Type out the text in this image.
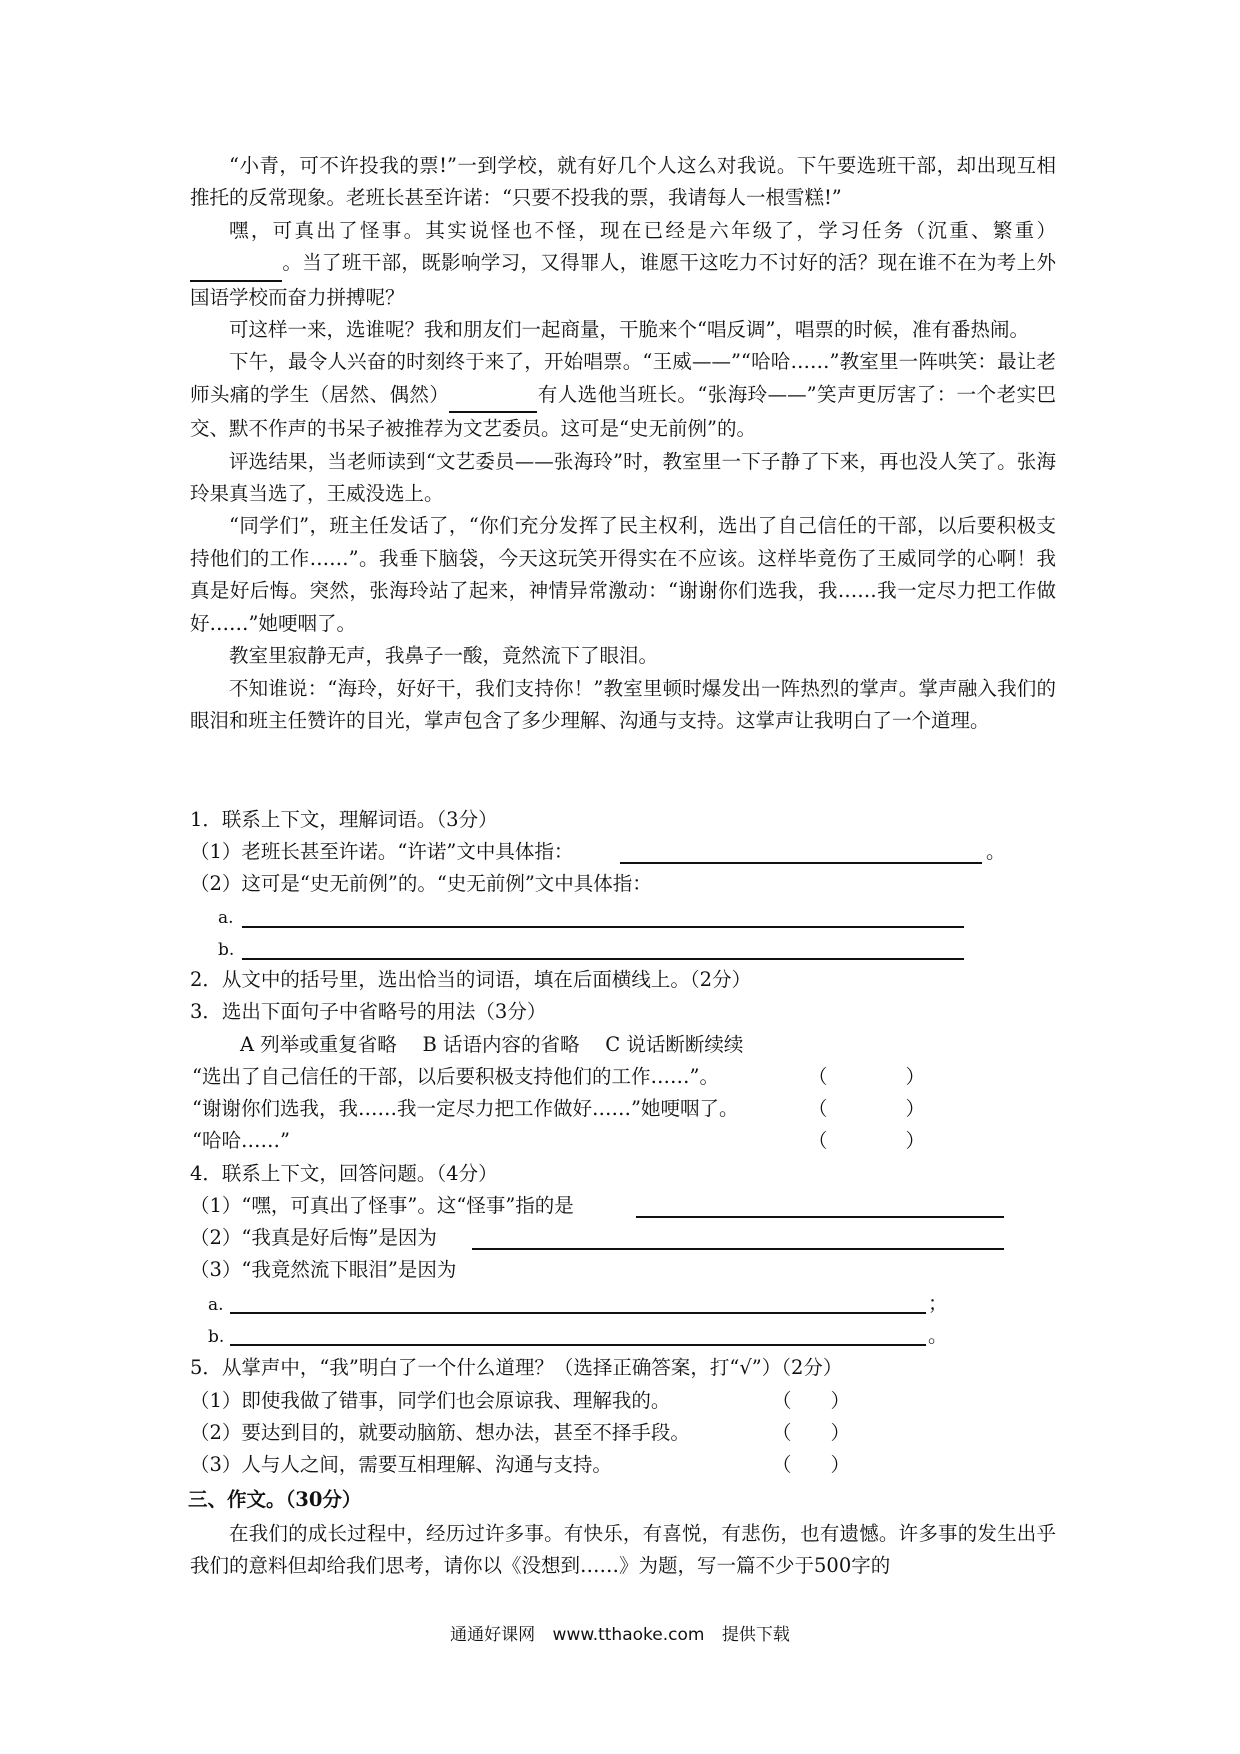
“小青，可不许投我的票!”一到学校，就有好几个人这么对我说。下午要选班干部，却出现互相推托的反常现象。老班长甚至许诺：“只要不投我的票，我请每人一根雪糕!”

嘿，可真出了怪事。其实说怪也不怪，现在已经是六年级了，学习任务（沉重、繁重） 。当了班干部，既影响学习，又得罪人，谁愿干这吃力不讨好的活？现在谁不在为考上外国语学校而奋力拼搏呢？

可这样一来，选谁呢？我和朋友们一起商量，干脆来个“唱反调”，唱票的时候，准有番热闹。

下午，最令人兴奋的时刻终于来了，开始唱票。“王威——”“哈哈……”教室里一阵哄笑：最让老师头痛的学生（居然、偶然）	有人选他当班长。“张海玲——”笑声更厉害了：一个老实巴交、默不作声的书呆子被推荐为文艺委员。这可是“史无前例”的。

评选结果，当老师读到“文艺委员——张海玲”时，教室里一下子静了下来，再也没人笑了。张海玲果真当选了，王威没选上。

“同学们”，班主任发话了，“你们充分发挥了民主权利，选出了自己信任的干部，以后要积极支持他们的工作……”。我垂下脑袋，今天这玩笑开得实在不应该。这样毕竟伤了王威同学的心啊！我真是好后悔。突然，张海玲站了起来，神情异常激动：“谢谢你们选我，我……我一定尽力把工作做好……”她哽咽了。

教室里寂静无声，我鼻子一酸，竟然流下了眼泪。

不知谁说：“海玲，好好干，我们支持你！”教室里顿时爆发出一阵热烈的掌声。掌声融入我们的眼泪和班主任赞许的目光，掌声包含了多少理解、沟通与支持。这掌声让我明白了一个道理。

1．联系上下文，理解词语。（3分）
（1）老班长甚至许诺。“许诺”文中具体指：	。
（2）这可是“史无前例”的。“史无前例”文中具体指：
a.
b.
2．从文中的括号里，选出恰当的词语，填在后面横线上。（2分）
3．选出下面句子中省略号的用法（3分）
A 列举或重复省略　 B 话语内容的省略　 C 说话断断续续
“选出了自己信任的干部，以后要积极支持他们的工作……”。	（　　　　）
“谢谢你们选我，我……我一定尽力把工作做好……”她哽咽了。	（　　　　）
“哈哈……”	（　　　　）
4．联系上下文，回答问题。（4分）
（1）“嘿，可真出了怪事”。这“怪事”指的是
（2）“我真是好后悔”是因为
（3）“我竟然流下眼泪”是因为
a.	；
b.	。
5．从掌声中，“我”明白了一个什么道理？（选择正确答案，打“√”）（2分）
（1）即使我做了错事，同学们也会原谅我、理解我的。	（　　）
（2）要达到目的，就要动脑筋、想办法，甚至不择手段。	（　　）
（3）人与人之间，需要互相理解、沟通与支持。	（　　）
三、作文。（30分）

在我们的成长过程中，经历过许多事。有快乐，有喜悦，有悲伤，也有遗憾。许多事的发生出乎我们的意料但却给我们思考，请你以《没想到……》为题，写一篇不少于500字的

通通好课网 www.tthaoke.com 提供下载
